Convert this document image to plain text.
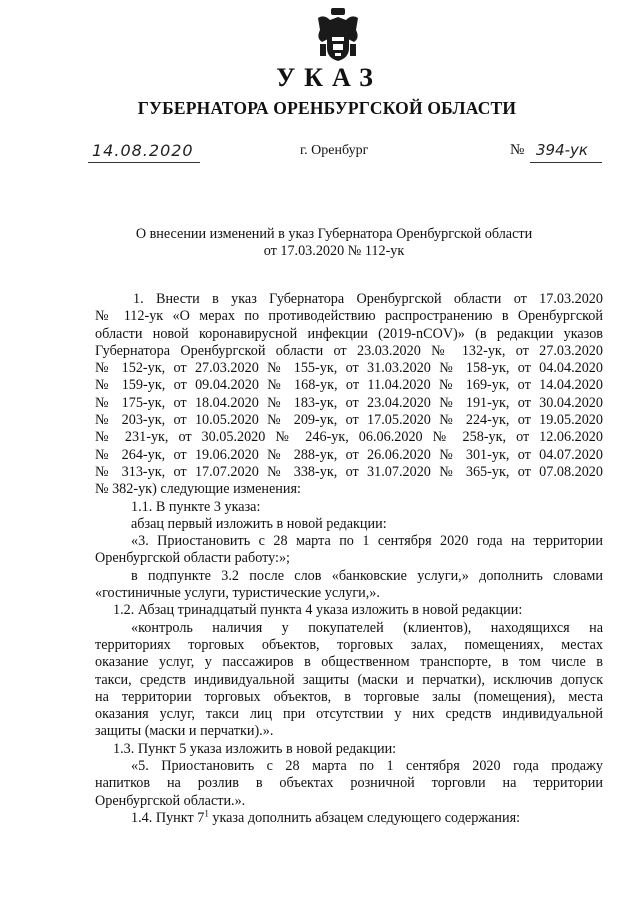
УКАЗ
ГУБЕРНАТОРА ОРЕНБУРГСКОЙ ОБЛАСТИ
14.08.2020	г. Оренбург	№ 394-ук
О внесении изменений в указ Губернатора Оренбургской области
от 17.03.2020 № 112-ук

1. Внести в указ Губернатора Оренбургской области от 17.03.2020

№ 112-ук «О мерах по противодействию распространению в Оренбургской

области новой коронавирусной инфекции (2019-nCOV)» (в редакции указов

Губернатора Оренбургской области от 23.03.2020 № 132-ук, от 27.03.2020

№ 152-ук, от 27.03.2020 № 155-ук, от 31.03.2020 № 158-ук, от 04.04.2020

№ 159-ук, от 09.04.2020 № 168-ук, от 11.04.2020 № 169-ук, от 14.04.2020

№ 175-ук, от 18.04.2020 № 183-ук, от 23.04.2020 № 191-ук, от 30.04.2020

№ 203-ук, от 10.05.2020 № 209-ук, от 17.05.2020 № 224-ук, от 19.05.2020

№ 231-ук, от 30.05.2020 № 246-ук, 06.06.2020 № 258-ук, от 12.06.2020

№ 264-ук, от 19.06.2020 № 288-ук, от 26.06.2020 № 301-ук, от 04.07.2020

№ 313-ук, от 17.07.2020 № 338-ук, от 31.07.2020 № 365-ук, от 07.08.2020

№ 382-ук) следующие изменения:

1.1. В пункте 3 указа:

абзац первый изложить в новой редакции:

«3. Приостановить с 28 марта по 1 сентября 2020 года на территории

Оренбургской области работу:»;

в подпункте 3.2 после слов «банковские услуги,» дополнить словами

«гостиничные услуги, туристические услуги,».

1.2. Абзац тринадцатый пункта 4 указа изложить в новой редакции:

«контроль наличия у покупателей (клиентов), находящихся на

территориях торговых объектов, торговых залах, помещениях, местах

оказание услуг, у пассажиров в общественном транспорте, в том числе в

такси, средств индивидуальной защиты (маски и перчатки), исключив допуск

на территории торговых объектов, в торговые залы (помещения), места

оказания услуг, такси лиц при отсутствии у них средств индивидуальной

защиты (маски и перчатки).».

1.3. Пункт 5 указа изложить в новой редакции:

«5. Приостановить с 28 марта по 1 сентября 2020 года продажу

напитков на розлив в объектах розничной торговли на территории

Оренбургской области.».

1.4. Пункт $7^1$ указа дополнить абзацем следующего содержания:
